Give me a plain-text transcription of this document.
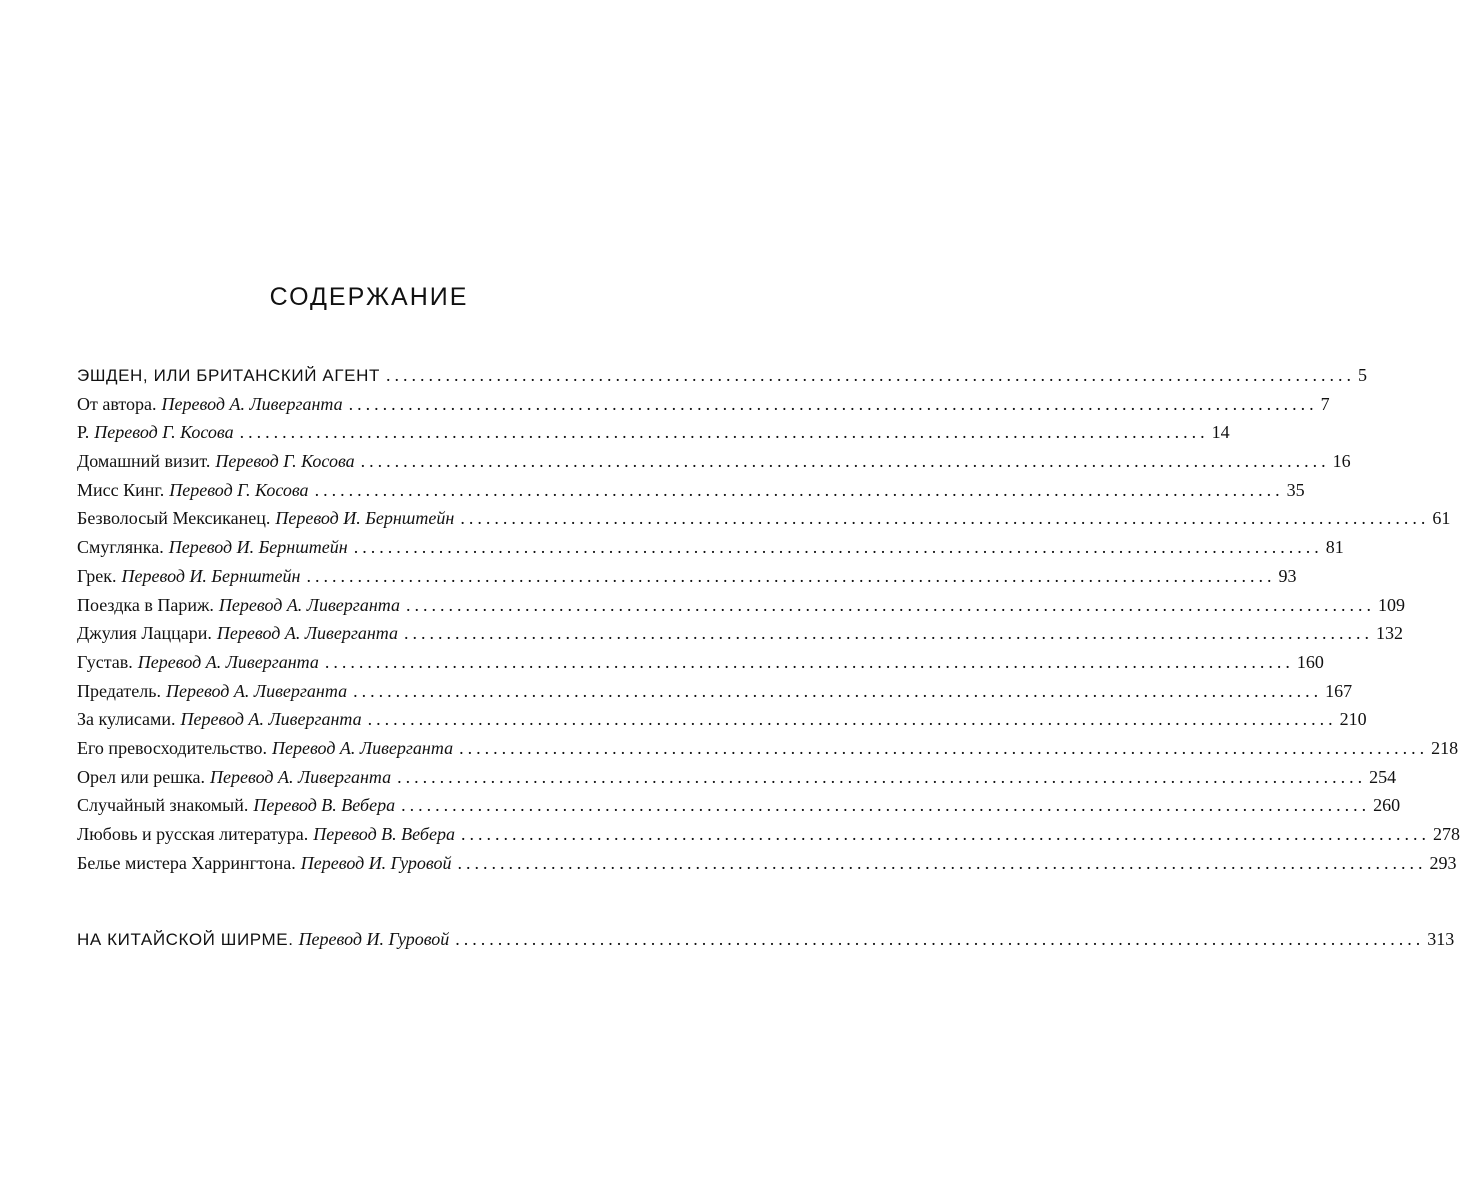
СОДЕРЖАНИЕ
ЭШДЕН, ИЛИ БРИТАНСКИЙ АГЕНТ .................................................................................................................. 5
От автора. Перевод А. Ливерганта .................................................................................................................. 7
Р. Перевод Г. Косова .................................................................................................................. 14
Домашний визит. Перевод Г. Косова .................................................................................................................. 16
Мисс Кинг. Перевод Г. Косова .................................................................................................................. 35
Безволосый Мексиканец. Перевод И. Бернштейн .................................................................................................................. 61
Смуглянка. Перевод И. Бернштейн .................................................................................................................. 81
Грек. Перевод И. Бернштейн .................................................................................................................. 93
Поездка в Париж. Перевод А. Ливерганта .................................................................................................................. 109
Джулия Лаццари. Перевод А. Ливерганта .................................................................................................................. 132
Густав. Перевод А. Ливерганта .................................................................................................................. 160
Предатель. Перевод А. Ливерганта .................................................................................................................. 167
За кулисами. Перевод А. Ливерганта .................................................................................................................. 210
Его превосходительство. Перевод А. Ливерганта .................................................................................................................. 218
Орел или решка. Перевод А. Ливерганта .................................................................................................................. 254
Случайный знакомый. Перевод В. Вебера .................................................................................................................. 260
Любовь и русская литература. Перевод В. Вебера .................................................................................................................. 278
Белье мистера Харрингтона. Перевод И. Гуровой .................................................................................................................. 293
НА КИТАЙСКОЙ ШИРМЕ. Перевод И. Гуровой .................................................................................................................. 313
